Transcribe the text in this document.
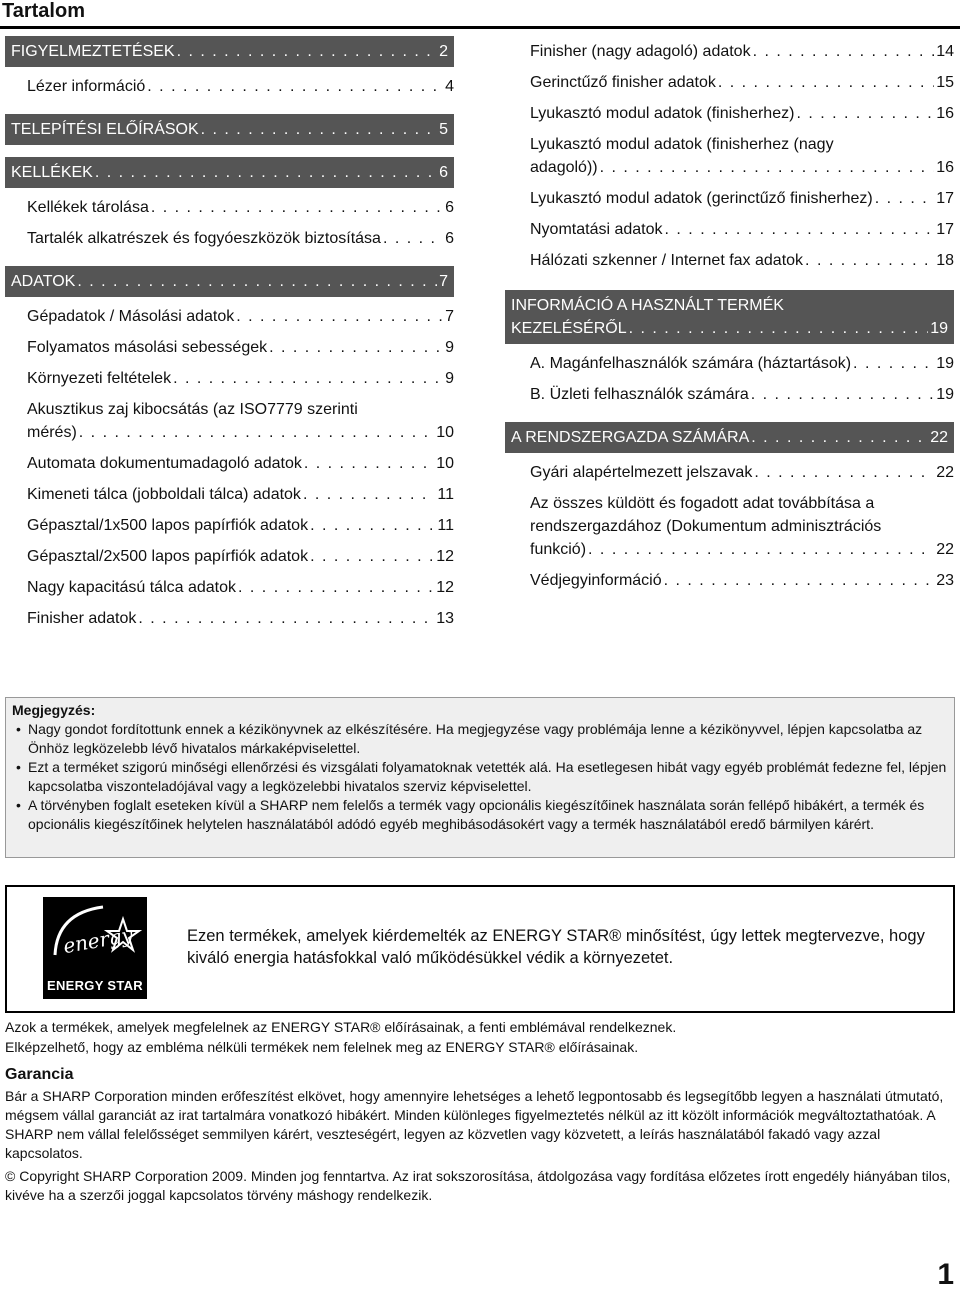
Tartalom
FIGYELMEZTETÉSEK . . .	2
Lézer információ . . .	4
TELEPÍTÉSI ELŐÍRÁSOK . . .	5
KELLÉKEK . . .	6
Kellékek tárolása . . .	6
Tartalék alkatrészek és fogyóeszközök biztosítása . . .	6
ADATOK . . .	7
Gépadatok / Másolási adatok . . .	7
Folyamatos másolási sebességek . . .	9
Környezeti feltételek . . .	9
Akusztikus zaj kibocsátás (az ISO7779 szerinti
mérés) . . .	10
Automata dokumentumadagoló adatok . . .	10
Kimeneti tálca (jobboldali tálca) adatok . . .	11
Gépasztal/1x500 lapos papírfiók adatok . . .	11
Gépasztal/2x500 lapos papírfiók adatok . . .	12
Nagy kapacitású tálca adatok . . .	12
Finisher adatok . . .	13
Finisher (nagy adagoló) adatok . . .	14
Gerinctűző finisher adatok . . .	15
Lyukasztó modul adatok (finisherhez) . . .	16
Lyukasztó modul adatok (finisherhez (nagy
adagoló)) . . .	16
Lyukasztó modul adatok (gerinctűző finisherhez) . . .	17
Nyomtatási adatok . . .	17
Hálózati szkenner / Internet fax adatok . . .	18
INFORMÁCIÓ A HASZNÁLT TERMÉK
KEZELÉSÉRŐL . . .	19
A. Magánfelhasználók számára (háztartások) . . .	19
B. Üzleti felhasználók számára . . .	19
A RENDSZERGAZDA SZÁMÁRA . . .	22
Gyári alapértelmezett jelszavak . . .	22
Az összes küldött és fogadott adat továbbítása a
rendszergazdához (Dokumentum adminisztrációs
funkció) . . .	22
Védjegyinformáció . . .	23
Megjegyzés:
• Nagy gondot fordítottunk ennek a kézikönyvnek az elkészítésére. Ha megjegyzése vagy problémája lenne a kézikönyvvel, lépjen kapcsolatba az Önhöz legközelebb lévő hivatalos márkaképviselettel.
• Ezt a terméket szigorú minőségi ellenőrzési és vizsgálati folyamatoknak vetették alá. Ha esetlegesen hibát vagy egyéb problémát fedezne fel, lépjen kapcsolatba viszonteladójával vagy a legközelebbi hivatalos szerviz képviselettel.
• A törvényben foglalt eseteken kívül a SHARP nem felelős a termék vagy opcionális kiegészítőinek használata során fellépő hibákért, a termék és opcionális kiegészítőinek helytelen használatából adódó egyéb meghibásodásokért vagy a termék használatából eredő bármilyen kárért.
energy
ENERGY STAR
Ezen termékek, amelyek kiérdemelték az ENERGY STAR® minősítést, úgy lettek megtervezve, hogy kiváló energia hatásfokkal való működésükkel védik a környezetet.
Azok a termékek, amelyek megfelelnek az ENERGY STAR® előírásainak, a fenti emblémával rendelkeznek.
Elképzelhető, hogy az embléma nélküli termékek nem felelnek meg az ENERGY STAR® előírásainak.
Garancia
Bár a SHARP Corporation minden erőfeszítést elkövet, hogy amennyire lehetséges a lehető legpontosabb és legsegítőbb legyen a használati útmutató, mégsem vállal garanciát az irat tartalmára vonatkozó hibákért. Minden különleges figyelmeztetés nélkül az itt közölt információk megváltoztathatóak. A SHARP nem vállal felelősséget semmilyen kárért, veszteségért, legyen az közvetlen vagy közvetett, a leírás használatából fakadó vagy azzal kapcsolatos.
© Copyright SHARP Corporation 2009. Minden jog fenntartva. Az irat sokszorosítása, átdolgozása vagy fordítása előzetes írott engedély hiányában tilos, kivéve ha a szerzői joggal kapcsolatos törvény máshogy rendelkezik.
1
